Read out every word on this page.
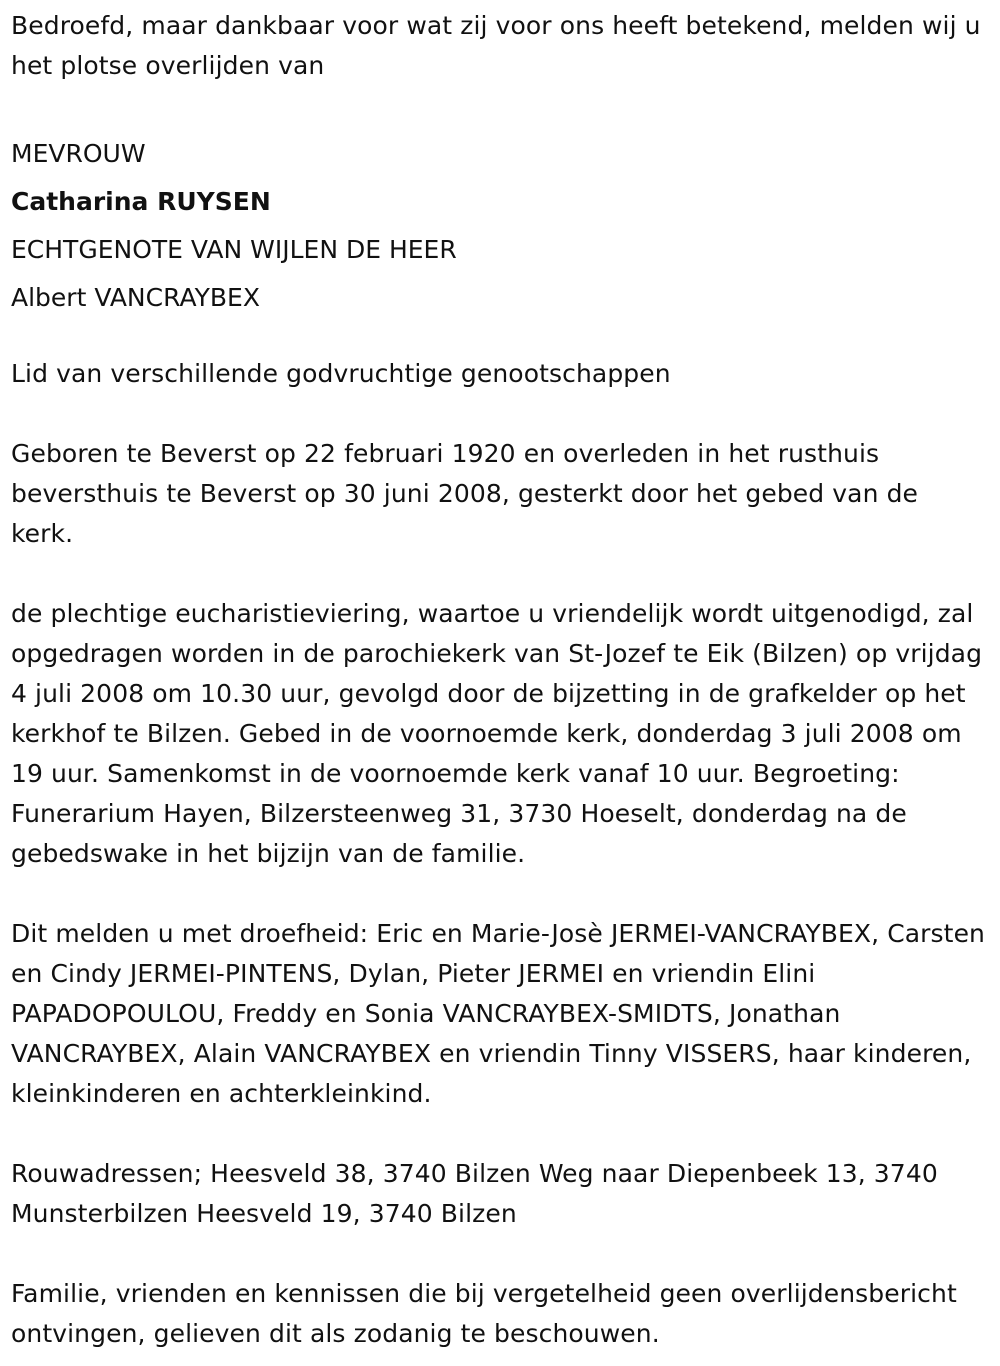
Bedroefd, maar dankbaar voor wat zij voor ons heeft betekend, melden wij u het plotse overlijden van

MEVROUW
Catharina RUYSEN
ECHTGENOTE VAN WIJLEN DE HEER
Albert VANCRAYBEX

Lid van verschillende godvruchtige genootschappen

Geboren te Beverst op 22 februari 1920 en overleden in het rusthuis beversthuis te Beverst op 30 juni 2008, gesterkt door het gebed van de kerk.

de plechtige eucharistieviering, waartoe u vriendelijk wordt uitgenodigd, zal opgedragen worden in de parochiekerk van St-Jozef te Eik (Bilzen) op vrijdag 4 juli 2008 om 10.30 uur, gevolgd door de bijzetting in de grafkelder op het kerkhof te Bilzen. Gebed in de voornoemde kerk, donderdag 3 juli 2008 om 19 uur. Samenkomst in de voornoemde kerk vanaf 10 uur. Begroeting: Funerarium Hayen, Bilzersteenweg 31, 3730 Hoeselt, donderdag na de gebedswake in het bijzijn van de familie.

Dit melden u met droefheid: Eric en Marie-Josè JERMEI-VANCRAYBEX, Carsten en Cindy JERMEI-PINTENS, Dylan, Pieter JERMEI en vriendin Elini PAPADOPOULOU, Freddy en Sonia VANCRAYBEX-SMIDTS, Jonathan VANCRAYBEX, Alain VANCRAYBEX en vriendin Tinny VISSERS, haar kinderen, kleinkinderen en achterkleinkind.

Rouwadressen; Heesveld 38, 3740 Bilzen Weg naar Diepenbeek 13, 3740 Munsterbilzen Heesveld 19, 3740 Bilzen

Familie, vrienden en kennissen die bij vergetelheid geen overlijdensbericht ontvingen, gelieven dit als zodanig te beschouwen.
